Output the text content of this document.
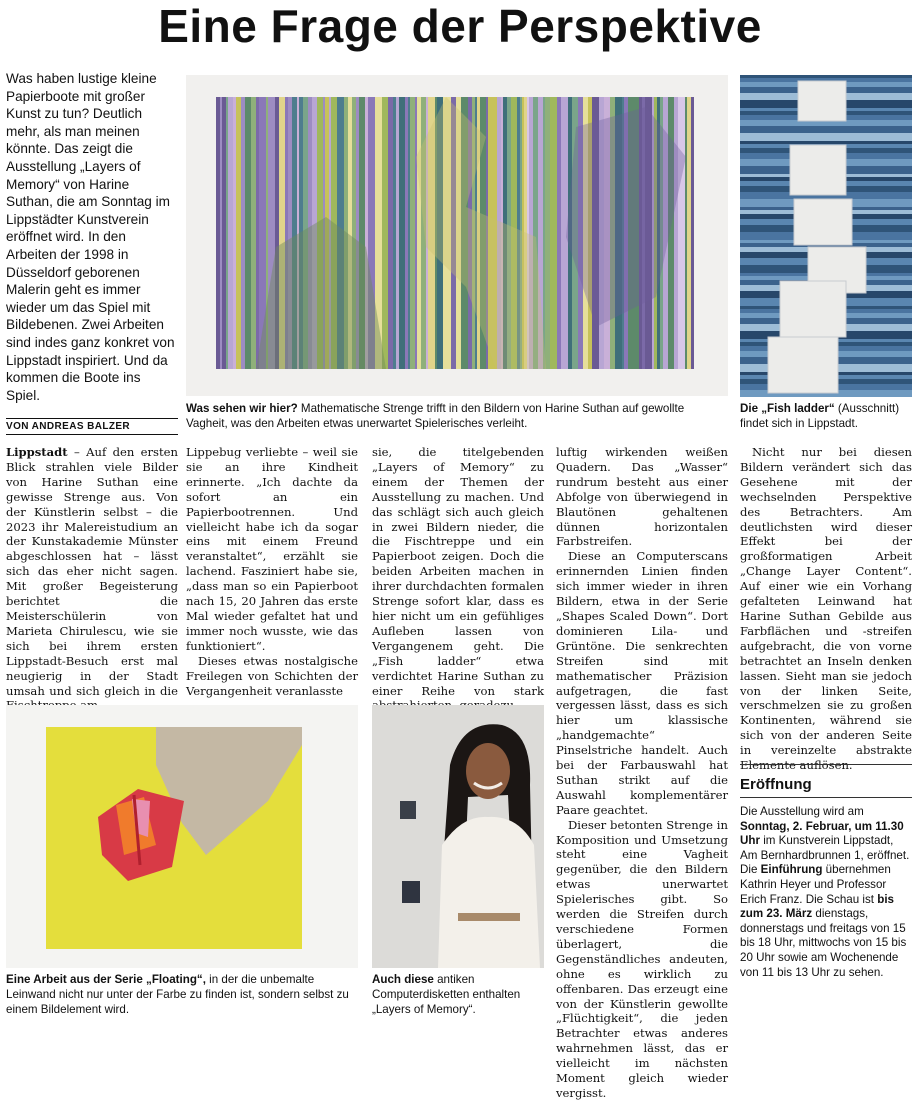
Eine Frage der Perspektive
Was haben lustige kleine Papierboote mit großer Kunst zu tun? Deutlich mehr, als man meinen könnte. Das zeigt die Ausstellung „Layers of Memory“ von Harine Suthan, die am Sonntag im Lippstädter Kunstverein eröffnet wird. In den Arbeiten der 1998 in Düsseldorf geborenen Malerin geht es immer wieder um das Spiel mit Bildebenen. Zwei Arbeiten sind indes ganz konkret von Lippstadt inspiriert. Und da kommen die Boote ins Spiel.
VON ANDREAS BALZER
Was sehen wir hier? Mathematische Strenge trifft in den Bildern von Harine Suthan auf gewollte Vagheit, was den Arbeiten etwas unerwartet Spielerisches verleiht.
Die „Fish ladder“ (Ausschnitt) findet sich in Lippstadt.

Lippstadt – Auf den ersten Blick strahlen viele Bilder von Harine Suthan eine gewisse Strenge aus. Von der Künstlerin selbst – die 2023 ihr Malereistudium an der Kunstakademie Münster abgeschlossen hat – lässt sich das eher nicht sagen. Mit großer Begeisterung berichtet die Meisterschülerin von Marieta Chirulescu, wie sie sich bei ihrem ersten Lippstadt-Besuch erst mal neugierig in der Stadt umsah und sich gleich in die

Lippebug verliebte – weil sie sie an ihre Kindheit erinnerte. „Ich dachte da sofort an ein Papierbootrennen. Und vielleicht habe ich da sogar eins mit einem Freund veranstaltet“, erzählt sie lachend. Fasziniert habe sie, „dass man so ein Papierboot nach 15, 20 Jahren das erste Mal wieder gefaltet hat und immer noch wusste, wie das funktioniert“.

Dieses etwas nostalgische Freilegen von Schichten der Vergangenheit veranlasste

sie, die titelgebenden „Layers of Memory“ zu einem der Themen der Ausstellung zu machen. Und das schlägt sich auch gleich in zwei Bildern nieder, die die Fischtreppe und ein Papierboot zeigen. Doch die beiden Arbeiten machen in ihrer durchdachten formalen Strenge sofort klar, dass es hier nicht um ein gefühliges Aufleben lassen von Vergangenem geht. Die „Fish ladder“ etwa verdichtet Harine Suthan zu einer Reihe von stark

luftig wirkenden weißen Quadern. Das „Wasser“ rundrum besteht aus einer Abfolge von überwiegend in Blautönen gehaltenen dünnen horizontalen Farbstreifen.

Diese an Computerscans erinnernden Linien finden sich immer wieder in ihren Bildern, etwa in der Serie „Shapes Scaled Down“. Dort dominieren Lila- und Grüntöne. Die senkrechten Streifen sind mit mathematischer Präzision aufgetragen, die fast vergessen lässt, dass es sich hier um klassische „handgemachte“ Pinselstriche handelt. Auch bei der Farbauswahl hat Suthan strikt auf die Auswahl komplementärer Paare geachtet.

Dieser betonten Strenge in Komposition und Umsetzung steht eine Vagheit gegenüber, die den Bildern etwas unerwartet Spielerisches gibt. So werden die Streifen durch verschiedene Formen überlagert, die Gegenständliches andeuten, ohne es wirklich zu offenbaren. Das erzeugt eine von der Künstlerin gewollte „Flüchtigkeit“, die jeden Betrachter etwas anderes wahrnehmen lässt, das er vielleicht im nächsten Moment gleich wieder vergisst.

Nicht nur bei diesen Bildern verändert sich das Gesehene mit der wechselnden Perspektive des Betrachters. Am deutlichsten wird dieser Effekt bei der großformatigen Arbeit „Change Layer Content“. Auf einer wie ein Vorhang gefalteten Leinwand hat Harine Suthan Gebilde aus Farbflächen und -streifen aufgebracht, die von vorne betrachtet an Inseln denken lassen. Sieht man sie jedoch von der linken Seite, verschmelzen sie zu großen Kontinenten, während sie sich von der anderen Seite in vereinzelte abstrakte Elemente auflösen.

Eine Arbeit aus der Serie „Floating“, in der die unbemalte Leinwand nicht nur unter der Farbe zu finden ist, sondern selbst zu einem Bildelement wird.
Auch diese antiken Computerdisketten enthalten „Layers of Memory“.
Eröffnung
Die Ausstellung wird am Sonntag, 2. Februar, um 11.30 Uhr im Kunstverein Lippstadt, Am Bernhardbrunnen 1, eröffnet. Die Einführung übernehmen Kathrin Heyer und Professor Erich Franz. Die Schau ist bis zum 23. März dienstags, donnerstags und freitags von 15 bis 18 Uhr, mittwochs von 15 bis 20 Uhr sowie am Wochenende von 11 bis 13 Uhr zu sehen.
